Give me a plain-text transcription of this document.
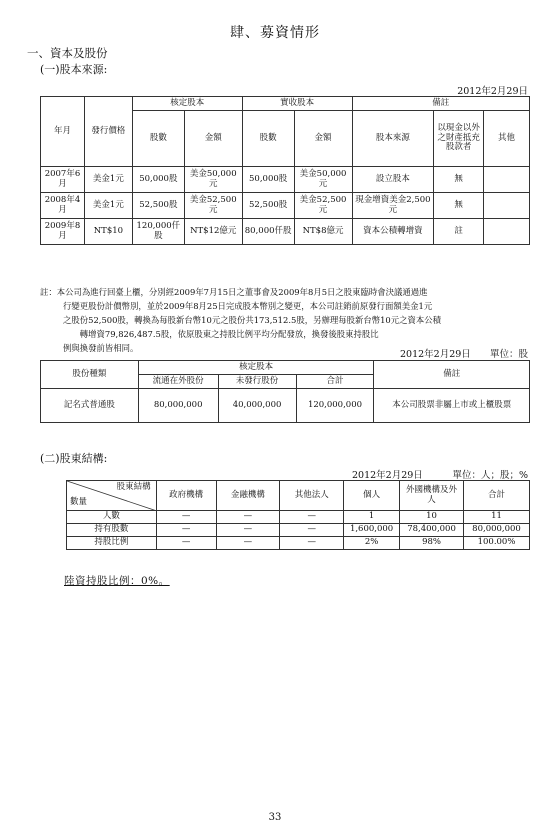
肆、募資情形
一、資本及股份
(一)股本來源:
2012年2月29日
年月	發行價格	核定股本		實收股本		備註		
		股數	金額	股數	金額	股本來源	以現金以外之財產抵充股款者	其他
2007年6月	美金1元	50,000股	美金50,000元	50,000股	美金50,000元	設立股本	無	
2008年4月	美金1元	52,500股	美金52,500元	52,500股	美金52,500元	現金增資美金2,500元	無	
2009年8月	NT$10	120,000仟股	NT$12億元	80,000仟股	NT$8億元	資本公積轉增資	註	

註：本公司為進行回臺上櫃，分別經2009年7月15日之董事會及2009年8月5日之股東臨時會決議通過進

行變更股份計價幣別，並於2009年8月25日完成股本幣別之變更，本公司註銷前原發行面額美金1元

之股份52,500股，轉換為每股新台幣10元之股份共173,512.5股，另辦理每股新台幣10元之資本公積

　　轉增資79,826,487.5股，依原股東之持股比例平均分配發放，換發後股東持股比

例與換發前皆相同。

2012年2月29日 單位：股
股份種類	核定股本			備註
	流通在外股份	未發行股份	合計	
記名式普通股	80,000,000	40,000,000	120,000,000	本公司股票非屬上市或上櫃股票
(二)股東結構:
2012年2月29日	單位：人；股；%
股東結構
數量	政府機構	金融機構	其他法人	個人	外國機構及外人	合計
人數	—	—	—	1	10	11
持有股數	—	—	—	1,600,000	78,400,000	80,000,000
持股比例	—	—	—	2%	98%	100.00%
陸資持股比例：0%。
33
